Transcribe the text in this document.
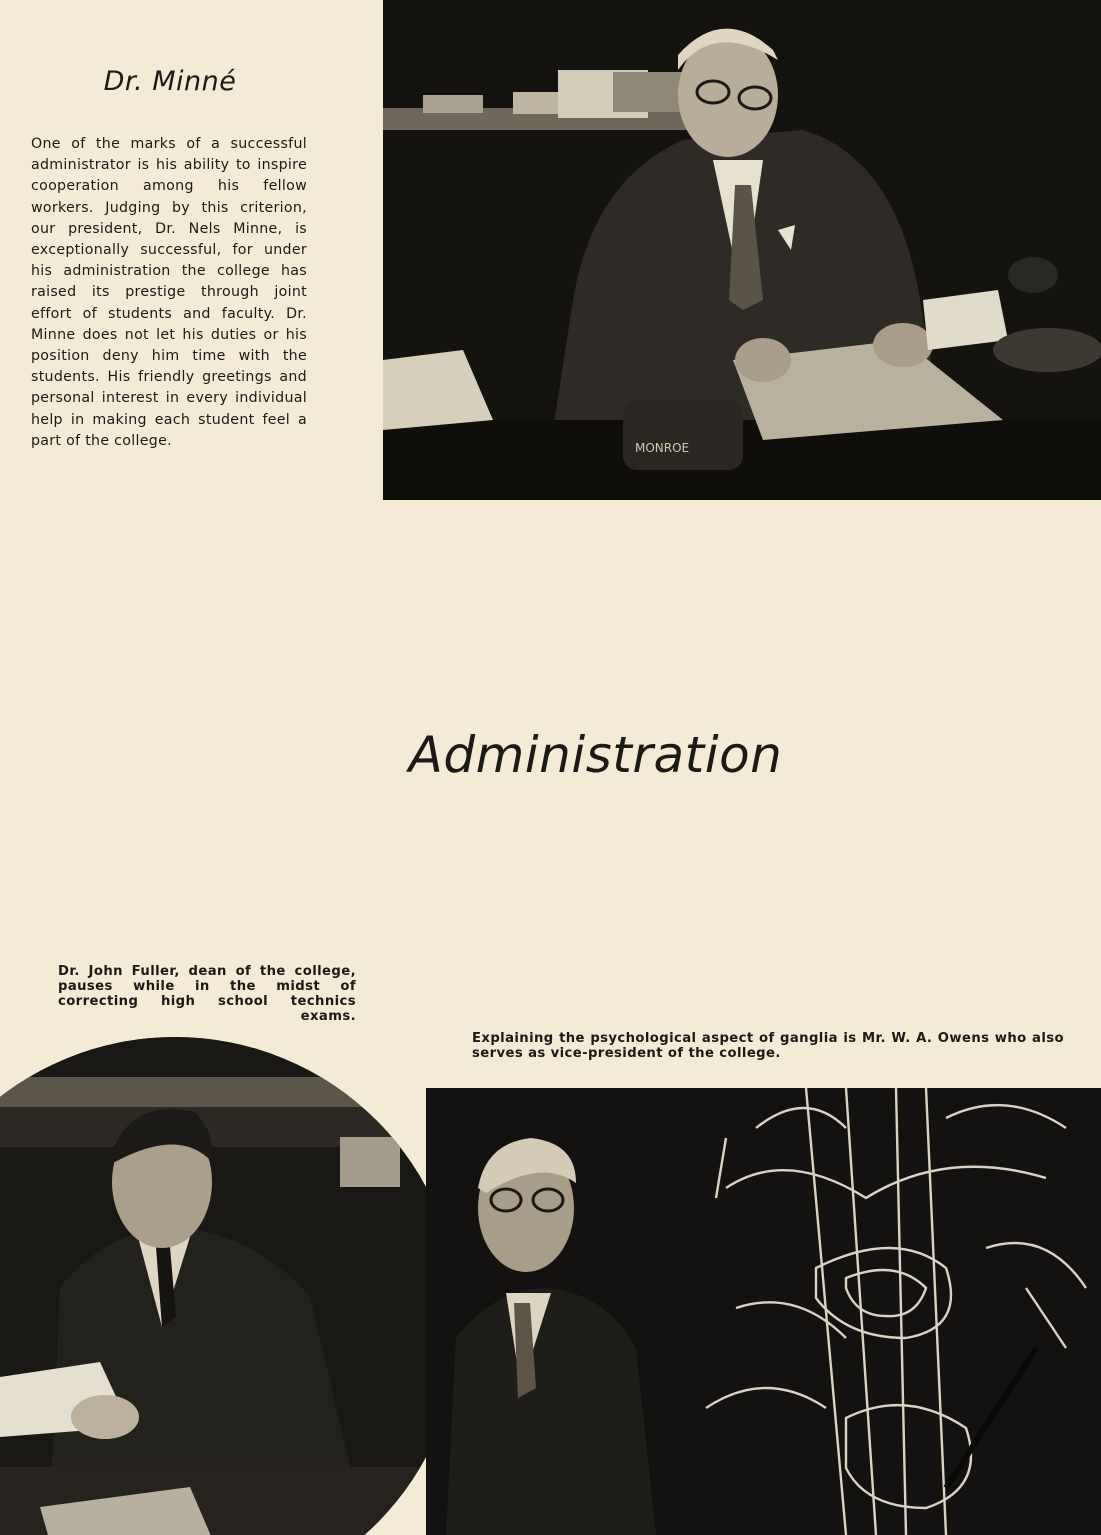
Dr. Minné

One of the marks of a successful administrator is his ability to inspire cooperation among his fellow workers. Judging by this criterion, our president, Dr. Nels Minne, is exceptionally successful, for under his administration the college has raised its prestige through joint effort of students and faculty. Dr. Minne does not let his duties or his position deny him time with the students. His friendly greetings and personal interest in every individual help in making each student feel a part of the college.	MONROE
Administration

Dr. John Fuller, dean of the college, pauses while in the midst of correcting high school technics exams.

Explaining the psychological aspect of ganglia is Mr. W. A. Owens who also serves as vice-president of the college.
